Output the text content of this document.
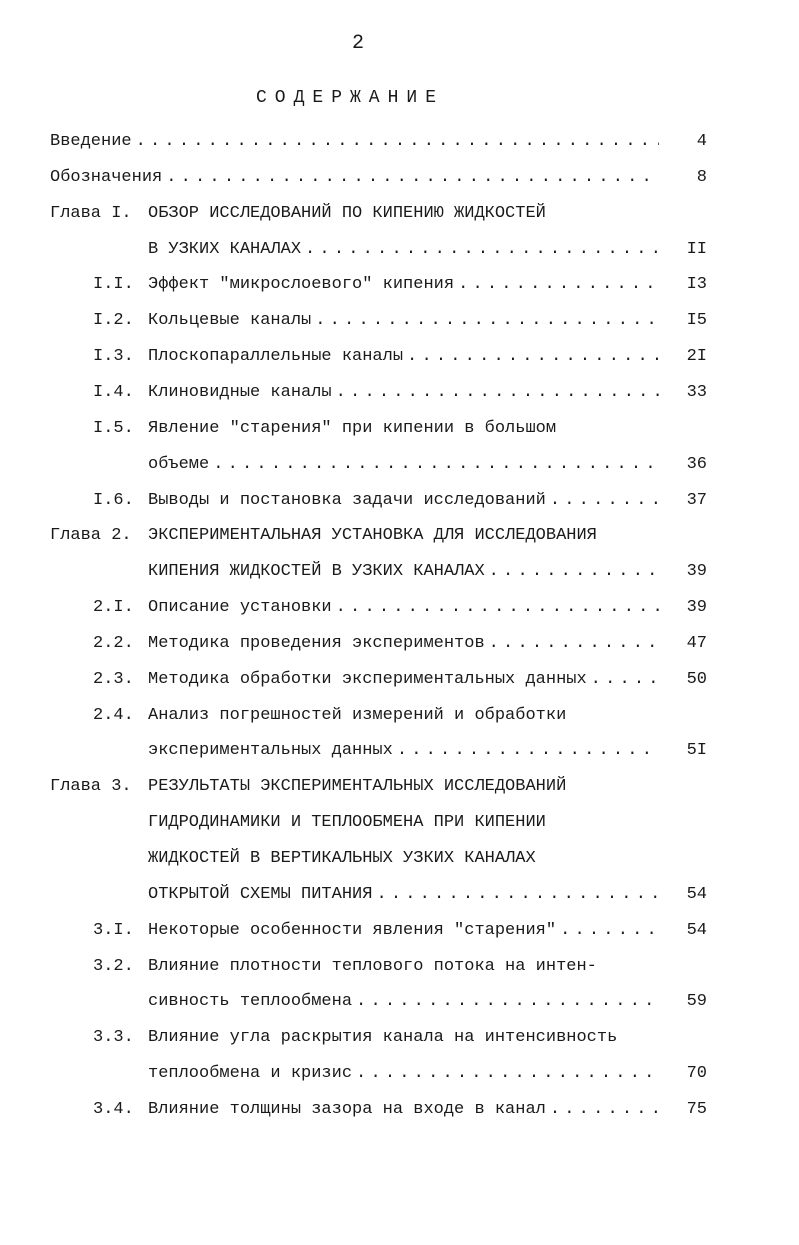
2
СОДЕРЖАНИЕ
Введение . . .	4
Обозначения . . .	8
Глава I. ОБЗОР ИССЛЕДОВАНИЙ ПО КИПЕНИЮ ЖИДКОСТЕЙ
В УЗКИХ КАНАЛАХ . . .	II
I.I. Эффект "микрослоевого" кипения . . .	I3
I.2. Кольцевые каналы . . .	I5
I.3. Плоскопараллельные каналы . . .	2I
I.4. Клиновидные каналы . . .	33
I.5. Явление "старения" при кипении в большом
объеме . . .	36
I.6. Выводы и постановка задачи исследований . . .	37
Глава 2. ЭКСПЕРИМЕНТАЛЬНАЯ УСТАНОВКА ДЛЯ ИССЛЕДОВАНИЯ
КИПЕНИЯ ЖИДКОСТЕЙ В УЗКИХ КАНАЛАХ . . .	39
2.I. Описание установки . . .	39
2.2. Методика проведения экспериментов . . .	47
2.3. Методика обработки экспериментальных данных . . .	50
2.4. Анализ погрешностей измерений и обработки
экспериментальных данных . . .	5I
Глава 3. РЕЗУЛЬТАТЫ ЭКСПЕРИМЕНТАЛЬНЫХ ИССЛЕДОВАНИЙ
ГИДРОДИНАМИКИ И ТЕПЛООБМЕНА ПРИ КИПЕНИИ
ЖИДКОСТЕЙ В ВЕРТИКАЛЬНЫХ УЗКИХ КАНАЛАХ
ОТКРЫТОЙ СХЕМЫ ПИТАНИЯ . . .	54
3.I. Некоторые особенности явления "старения" . . .	54
3.2. Влияние плотности теплового потока на интен-
сивность теплообмена . . .	59
3.3. Влияние угла раскрытия канала на интенсивность
теплообмена и кризис . . .	70
3.4. Влияние толщины зазора на входе в канал . . .	75
